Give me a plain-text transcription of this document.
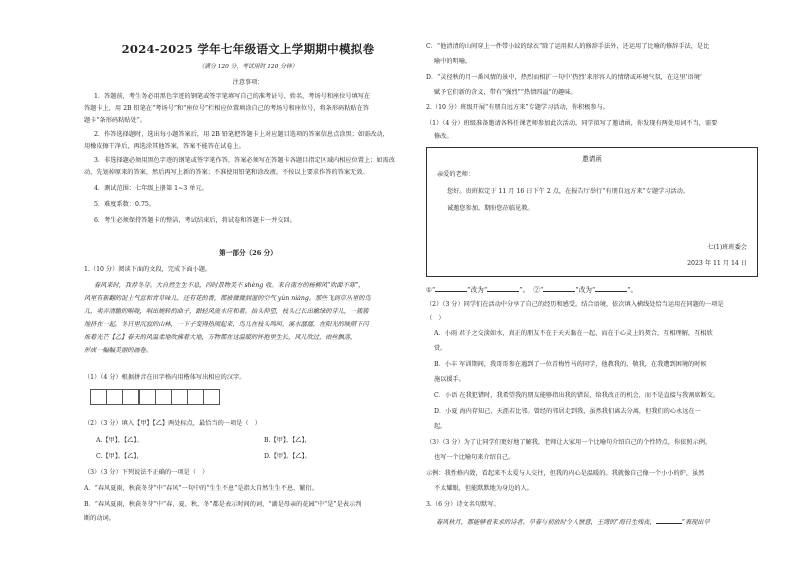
2024-2025 学年七年级语文上学期期中模拟卷
（满分 120 分，考试用时 120 分钟）
注意事项：
1．答题前，考生务必用黑色字迹的钢笔或签字笔填写自己的准考证号、姓名、考场号和座位号填写在
答题卡上，用 2B 铅笔在“考场号”和“座位号”栏相应位置填涂自己的考场号和座位号，将条形码粘贴在答
题卡“条形码粘贴处”。
2．作答选择题时，选出每小题答案后，用 2B 铅笔把答题卡上对应题目选项的答案信息点涂黑；如需改动，
用橡皮擦干净后，再选涂其他答案，答案不能答在试卷上。
3．非选择题必须用黑色字迹的钢笔或签字笔作答，答案必须写在答题卡各题目指定区域内相应位置上；如需改
动，先划掉原来的答案，然后再写上新的答案；不准使用铅笔和涂改液。不按以上要求作答的答案无效。
4．测试范围：七年级上册第 1~3 单元。
5．难度系数：0.75。
6．考生必须保持答题卡的整洁，考试结束后，将试卷和答题卡一并交回。
第一部分（26 分）
1.（10 分）阅读下面的文段，完成下面小题。
春风来时，我荐冬芽。大自然生生不息，四时景物美不 shèng 收。来自南方的杨柳风“吹面不寒”，
风里有新翻的泥土气息和青草味儿。还有花的香，都被微微润湿的空气 yùn niàng。那些飞到草丛里的鸟
儿，卖弄清脆的喉咙，唱出婉转的曲子，跟轻风流水应和着。抬头仰望，枝头已长出嫩绿的芽儿，一簇簇
地挤在一起。冬日里沉寂的山林，一下子变得热闹起来，鸟儿在枝头鸣叫，溪水潺潺，在阳光的映照下闪
烁着光芒【乙】春天的风温柔地吹拂着大地，万物都在这温暖的怀抱里生长，风儿吹过，雨丝飘落，
形成一幅幅美丽的画卷。
（1）（4 分）根据拼音在田字格内用楷体写出相应的汉字。
（2）（3 分）填入【甲】【乙】两处标点，最恰当的一项是（　）
A.【甲】，【乙】。	B.【甲】，【乙】，
C.【甲】。【乙】，	D.【甲】。【乙】。
（3）（3 分）下列说法不正确的一项是（　）
A．“春风夏雨，秋荻冬芽”中“春风”一句中的“生生不息”是指大自然生生不息、繁衍。
B．“春风夏雨，秋荻冬芽”中“春、夏、秋、冬”都是表示时间的词，“湖是母亲的花园”中“是”是表示判
断的动词。
C．“他清清的山间穿上一件带小紋的绿衣”除了运用拟人的修辞手法外，还运用了比喻的修辞手法，是比
喻中的明喻。
D．“灵径秋的月一番风情的景中，热烈而相扩一句中‘热烈’来形容人的情绪或环境气氛，在这里‘语境’
赋予它们新的含义，带有“强烈”“热情四溢”的趣味。
2.（10 分）班级开展“有朋自远方来”专题学习活动，你积极参与。
（1）（4 分）班级准备邀请各科任课老师参加此次活动，同学拟写了邀请函，你发现有两处用词不当，需要
修改。
邀请函
亲爱的老师：
您好。贵班拟定于 11 月 16 日下午 2 点，在报告厅举行“有朋自远方来”专题学习活动。
诚邀您参加。期盼您莅临见教。
七(1)班班委会
2023 年 11 月 14 日
①“	”改为“	”。 ②“	”改为“	”。
（2）（3 分）同学们在活动中分享了自己的经历和感受。结合语境，依次填入横线处恰当运用在同题的一项是
（　）
A．小雨 君子之交淡如水，真正的朋友不在于天天黏在一起，而在于心灵上的契合，互相理解，互相欣
赏。
B．小丰 军训期间，我哥哥参在遇到了一位青梅竹马的同学，他教我的，敬我，在我遭到困境的时候
施以援手。
C．小语 在我犯错时，我希望我的朋友能够指出我的错误，给我改正的机会，而不是直接与我割席断交。
D．小夏 海内存知己，天涯若比邻。曾经的邻居走到我，虽然我们离去分离，但我们的心永远在一
起。
（3）（3 分）为了让同学们更好地了解我，老师让大家用一个比喻句介绍自己的个性特点，你依照示例，
也写一个比喻句来介绍自己。
示例：我性格内敛，看起来不太爱与人交往，但我的内心是温暖的。我就像自己像一个小小的炉，虽然
不太耀眼，但能默默地为身边的人。
3.（6 分）诗文名句默写。
春风秋月，都能够看来求的诗者。早春与初放时令人惬意，王湾的“海日生残夜，	”表现出早
